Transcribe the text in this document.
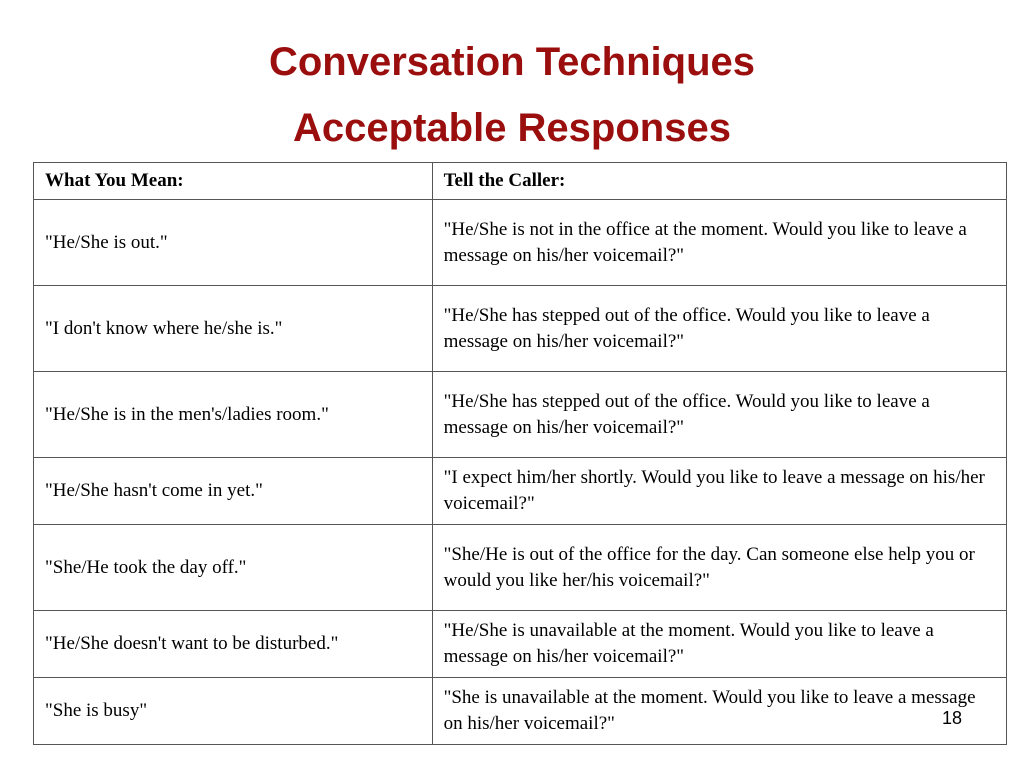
Conversation Techniques
Acceptable Responses
What You Mean:	Tell the Caller:
"He/She is out."	"He/She is not in the office at the moment. Would you like to leave a message on his/her voicemail?"
"I don't know where he/she is."	"He/She has stepped out of the office. Would you like to leave a message on his/her voicemail?"
"He/She is in the men's/ladies room."	"He/She has stepped out of the office. Would you like to leave a message on his/her voicemail?"
"He/She hasn't come in yet."	"I expect him/her shortly. Would you like to leave a message on his/her voicemail?"
"She/He took the day off."	"She/He is out of the office for the day. Can someone else help you or would you like her/his voicemail?"
"He/She doesn't want to be disturbed."	"He/She is unavailable at the moment. Would you like to leave a message on his/her voicemail?"
"She is busy"	"She is unavailable at the moment. Would you like to leave a message on his/her voicemail?"	18
